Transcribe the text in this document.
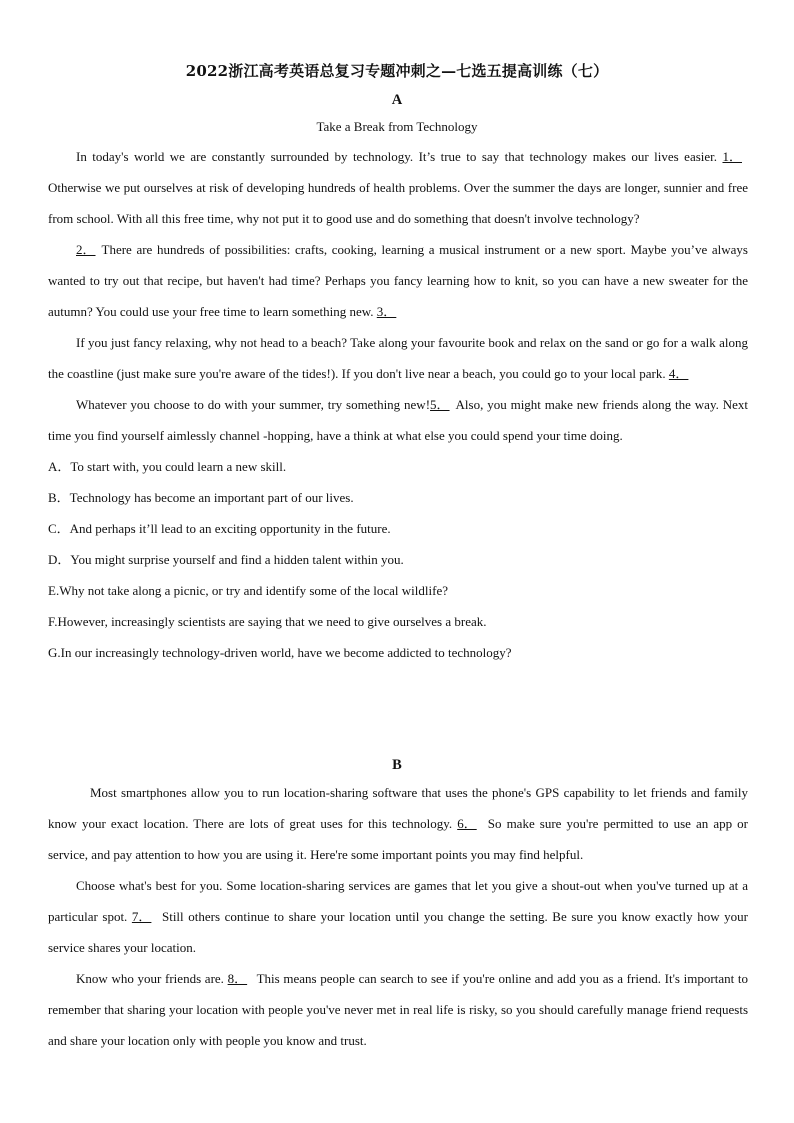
2022浙江高考英语总复习专题冲刺之—七选五提高训练（七）
A
Take a Break from Technology

In today's world we are constantly surrounded by technology. It’s true to say that technology makes our lives easier. 1．Otherwise we put ourselves at risk of developing hundreds of health problems. Over the summer the days are longer, sunnier and free from school. With all this free time, why not put it to good use and do something that doesn't involve technology?

2． There are hundreds of possibilities: crafts, cooking, learning a musical instrument or a new sport. Maybe you’ve always wanted to try out that recipe, but haven't had time? Perhaps you fancy learning how to knit, so you can have a new sweater for the autumn? You could use your free time to learn something new. 3．

If you just fancy relaxing, why not head to a beach? Take along your favourite book and relax on the sand or go for a walk along the coastline (just make sure you're aware of the tides!). If you don't live near a beach, you could go to your local park. 4．

Whatever you choose to do with your summer, try something new!5． Also, you might make new friends along the way. Next time you find yourself aimlessly channel -hopping, have a think at what else you could spend your time doing.

A．To start with, you could learn a new skill.

B．Technology has become an important part of our lives.

C．And perhaps it’ll lead to an exciting opportunity in the future.

D．You might surprise yourself and find a hidden talent within you.

E.Why not take along a picnic, or try and identify some of the local wildlife?

F.However, increasingly scientists are saying that we need to give ourselves a break.

G.In our increasingly technology-driven world, have we become addicted to technology?

B

Most smartphones allow you to run location-sharing software that uses the phone's GPS capability to let friends and family know your exact location. There are lots of great uses for this technology. 6． So make sure you're permitted to use an app or service, and pay attention to how you are using it. Here're some important points you may find helpful.

Choose what's best for you. Some location-sharing services are games that let you give a shout-out when you've turned up at a particular spot. 7． Still others continue to share your location until you change the setting. Be sure you know exactly how your service shares your location.

Know who your friends are. 8． This means people can search to see if you're online and add you as a friend. It's important to remember that sharing your location with people you've never met in real life is risky, so you should carefully manage friend requests and share your location only with people you know and trust.
